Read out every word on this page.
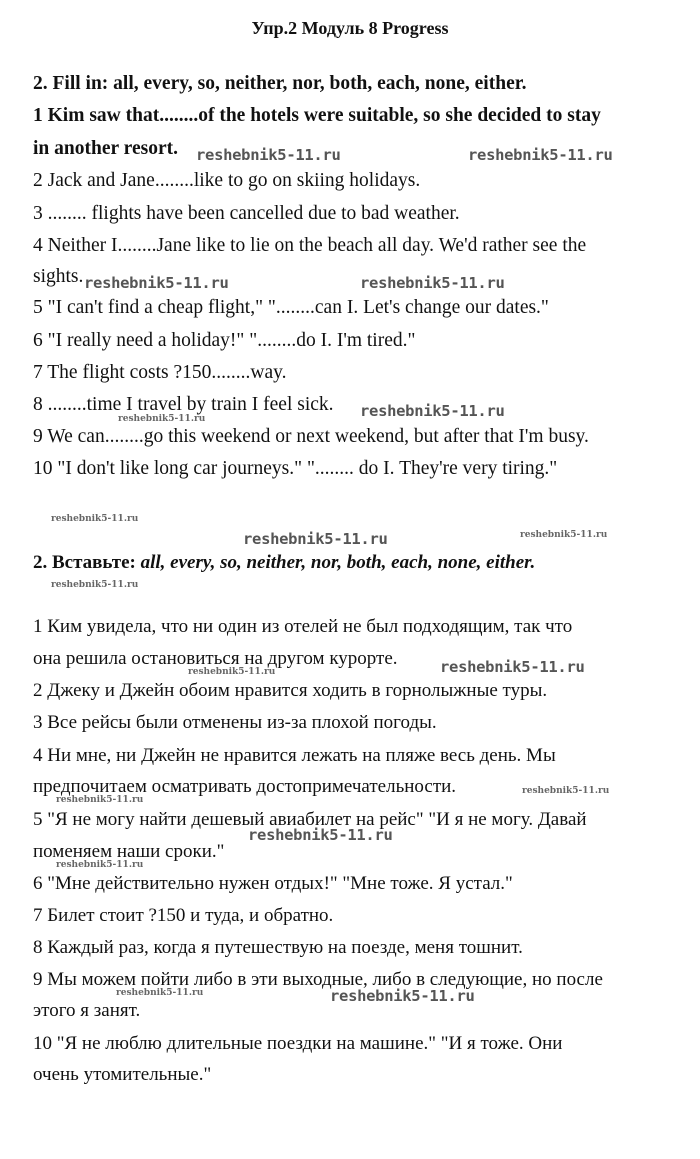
Упр.2 Модуль 8 Progress
2. Fill in: all, every, so, neither, nor, both, each, none, either.
1 Kim saw that........of the hotels were suitable, so she decided to stay
in another resort.
2 Jack and Jane........like to go on skiing holidays.
3 ........ flights have been cancelled due to bad weather.
4 Neither I........Jane like to lie on the beach all day. We'd rather see the
sights.
5 "I can't find a cheap flight," "........can I. Let's change our dates."
6 "I really need a holiday!" "........do I. I'm tired."
7 The flight costs ?150........way.
8 ........time I travel by train I feel sick.
9 We can........go this weekend or next weekend, but after that I'm busy.
10 "I don't like long car journeys." "........ do I. They're very tiring."
2. Вставьте: all, every, so, neither, nor, both, each, none, either.
1 Ким увидела, что ни один из отелей не был подходящим, так что
она решила остановиться на другом курорте.
2 Джеку и Джейн обоим нравится ходить в горнолыжные туры.
3 Все рейсы были отменены из-за плохой погоды.
4 Ни мне, ни Джейн не нравится лежать на пляже весь день. Мы
предпочитаем осматривать достопримечательности.
5 "Я не могу найти дешевый авиабилет на рейс" "И я не могу. Давай
поменяем наши сроки."
6 "Мне действительно нужен отдых!" "Мне тоже. Я устал."
7 Билет стоит ?150 и туда, и обратно.
8 Каждый раз, когда я путешествую на поезде, меня тошнит.
9 Мы можем пойти либо в эти выходные, либо в следующие, но после
этого я занят.
10 "Я не люблю длительные поездки на машине." "И я тоже. Они
очень утомительные."
reshebnik5-11.ru	reshebnik5-11.ru
reshebnik5-11.ru	reshebnik5-11.ru
reshebnik5-11.ru
reshebnik5-11.ru
reshebnik5-11.ru
reshebnik5-11.ru
reshebnik5-11.ru
reshebnik5-11.ru
reshebnik5-11.ru
reshebnik5-11.ru
reshebnik5-11.ru
reshebnik5-11.ru
reshebnik5-11.ru
reshebnik5-11.ru
reshebnik5-11.ru
reshebnik5-11.ru
